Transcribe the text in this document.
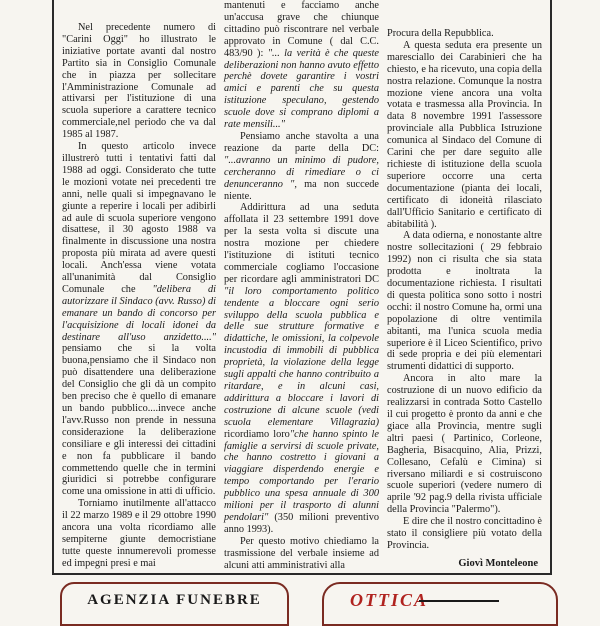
Nel precedente numero di "Carini Oggi" ho illustrato le iniziative portate avanti dal nostro Partito sia in Consiglio Comunale che in piazza per sollecitare l'Amministrazione Comunale ad attivarsi per l'istituzione di una scuola superiore a carattere tecnico commerciale,nel periodo che va dal 1985 al 1987.

In questo articolo invece illustrerò tutti i tentativi fatti dal 1988 ad oggi. Considerato che tutte le mozioni votate nei precedenti tre anni, nelle quali si impegnavano le giunte a reperire i locali per adibirli ad aule di scuola superiore vengono disattese, il 30 agosto 1988 va finalmente in discussione una nostra proposta più mirata ad avere questi locali. Anch'essa viene votata all'unanimità dal Consiglio Comunale che "delibera di autorizzare il Sindaco (avv. Russo) di emanare un bando di concorso per l'acquisizione di locali idonei da destinare all'uso anzidetto...." pensiamo che si la volta buona,pensiamo che il Sindaco non può disattendere una deliberazione del Consiglio che gli dà un compito ben preciso che è quello di emanare un bando pubblico....invece anche l'avv.Russo non prende in nessuna considerazione la deliberazione consiliare e gli interessi dei cittadini e non fa pubblicare il bando commettendo quelle che in termini giuridici si potrebbe configurare come una omissione in atti di ufficio.

Torniamo inutilmente all'attacco il 22 marzo 1989 e il 29 ottobre 1990 ancora una volta ricordiamo alle sempiterne giunte democristiane tutte queste innumerevoli promesse ed impegni presi e mai

mantenuti e facciamo anche un'accusa grave che chiunque cittadino può riscontrare nel verbale approvato in Comune ( dal C.C. 483/90 ): "... la verità è che queste deliberazioni non hanno avuto effetto perchè dovete garantire i vostri amici e parenti che su questa istituzione speculano, gestendo scuole dove si comprano diplomi a rate mensili..."

Pensiamo anche stavolta a una reazione da parte della DC: "...avranno un minimo di pudore, cercheranno di rimediare o ci denunceranno ", ma non succede niente.

Addirittura ad una seduta affollata il 23 settembre 1991 dove per la sesta volta si discute una nostra mozione per chiedere l'istituzione di istituti tecnico commerciale cogliamo l'occasione per ricordare agli amministratori DC "il loro comportamento politico tendente a bloccare ogni serio sviluppo della scuola pubblica e delle sue strutture formative e didattiche, le omissioni, la colpevole incustodia di immobili di pubblica proprietà, la violazione della legge sugli appalti che hanno contribuito a ritardare, e in alcuni casi, addirittura a bloccare i lavori di costruzione di alcune scuole (vedi scuola elementare Villagrazia) ricordiamo loro"che hanno spinto le famiglie a servirsi di scuole private, che hanno costretto i giovani a viaggiare disperdendo energie e tempo comportando per l'erario pubblico una spesa annuale di 300 milioni per il trasporto di alunni pendolari" (350 milioni preventivo anno 1993).

Per questo motivo chiediamo la trasmissione del verbale insieme ad alcuni atti amministrativi alla

Procura della Repubblica.

A questa seduta era presente un maresciallo dei Carabinieri che ha chiesto, e ha ricevuto, una copia della nostra relazione. Comunque la nostra mozione viene ancora una volta votata e trasmessa alla Provincia. In data 8 novembre 1991 l'assessore provinciale alla Pubblica Istruzione comunica al Sindaco del Comune di Carini che per dare seguito alle richieste di istituzione della scuola superiore occorre una certa documentazione (pianta dei locali, certificato di idoneità rilasciato dall'Ufficio Sanitario e certificato di abitabilità ).

A data odierna, e nonostante altre nostre sollecitazioni ( 29 febbraio 1992) non ci risulta che sia stata prodotta e inoltrata la documentazione richiesta. I risultati di questa politica sono sotto i nostri occhi: il nostro Comune ha, ormi una popolazione di oltre ventimila abitanti, ma l'unica scuola media superiore è il Liceo Scientifico, privo di sede propria e dei più elementari strumenti didattici di supporto.

Ancora in alto mare la costruzione di un nuovo edificio da realizzarsi in contrada Sotto Castello il cui progetto è pronto da anni e che giace alla Provincia, mentre sugli altri paesi ( Partinico, Corleone, Bagheria, Bisacquino, Alia, Prizzi, Collesano, Cefalù e Cimina) si riversano miliardi e si costruiscono scuole superiori (vedere numero di aprile '92 pag.9 della rivista ufficiale della Provincia "Palermo").

E dire che il nostro concittadino è stato il consigliere più votato della Provincia.

Giovì Monteleone

AGENZIA FUNEBRE	OTTICA
